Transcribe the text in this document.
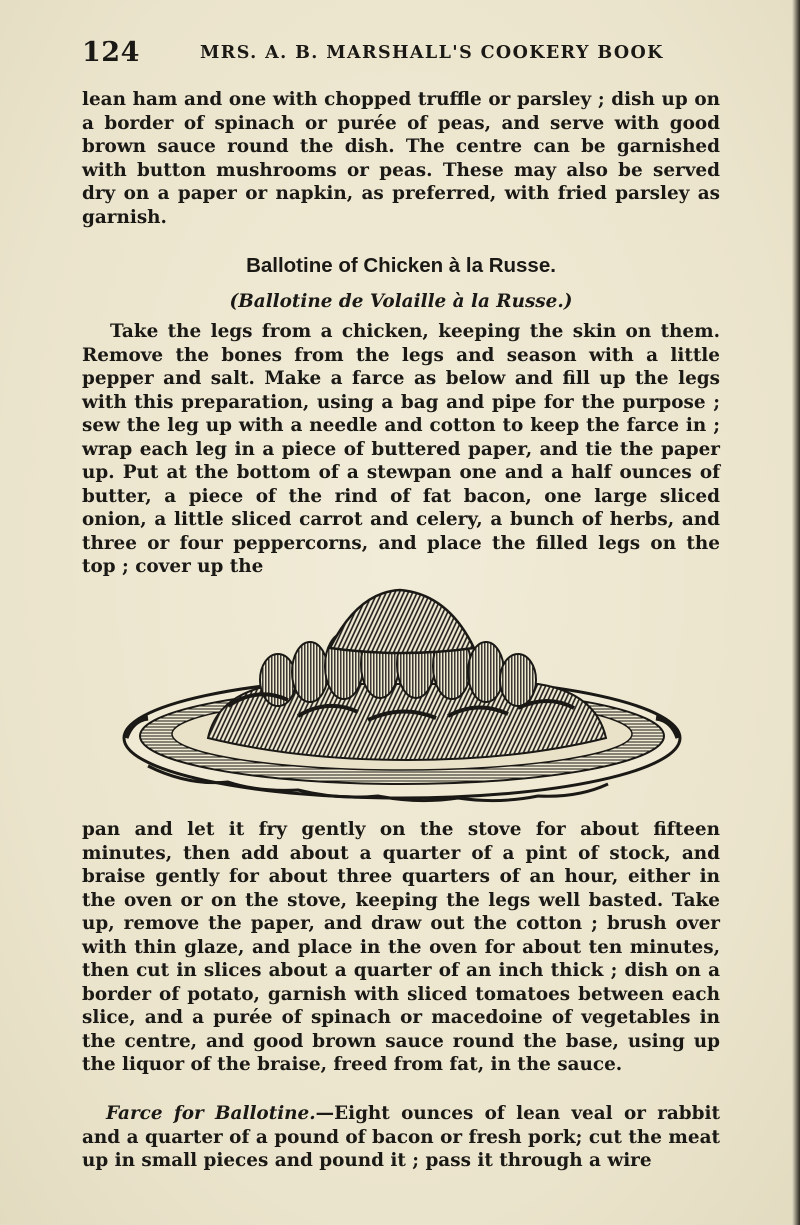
124	MRS. A. B. MARSHALL'S COOKERY BOOK

lean ham and one with chopped truffle or parsley ; dish up on a border of spinach or purée of peas, and serve with good brown sauce round the dish. The centre can be garnished with button mushrooms or peas. These may also be served dry on a paper or napkin, as preferred, with fried parsley as garnish.

Ballotine of Chicken à la Russe.

(Ballotine de Volaille à la Russe.)

Take the legs from a chicken, keeping the skin on them. Remove the bones from the legs and season with a little pepper and salt. Make a farce as below and fill up the legs with this preparation, using a bag and pipe for the purpose ; sew the leg up with a needle and cotton to keep the farce in ; wrap each leg in a piece of buttered paper, and tie the paper up. Put at the bottom of a stewpan one and a half ounces of butter, a piece of the rind of fat bacon, one large sliced onion, a little sliced carrot and celery, a bunch of herbs, and three or four peppercorns, and place the filled legs on the top ; cover up the

pan and let it fry gently on the stove for about fifteen minutes, then add about a quarter of a pint of stock, and braise gently for about three quarters of an hour, either in the oven or on the stove, keeping the legs well basted. Take up, remove the paper, and draw out the cotton ; brush over with thin glaze, and place in the oven for about ten minutes, then cut in slices about a quarter of an inch thick ; dish on a border of potato, garnish with sliced tomatoes between each slice, and a purée of spinach or macedoine of vegetables in the centre, and good brown sauce round the base, using up the liquor of the braise, freed from fat, in the sauce.

Farce for Ballotine.—Eight ounces of lean veal or rabbit and a quarter of a pound of bacon or fresh pork; cut the meat up in small pieces and pound it ; pass it through a wire
